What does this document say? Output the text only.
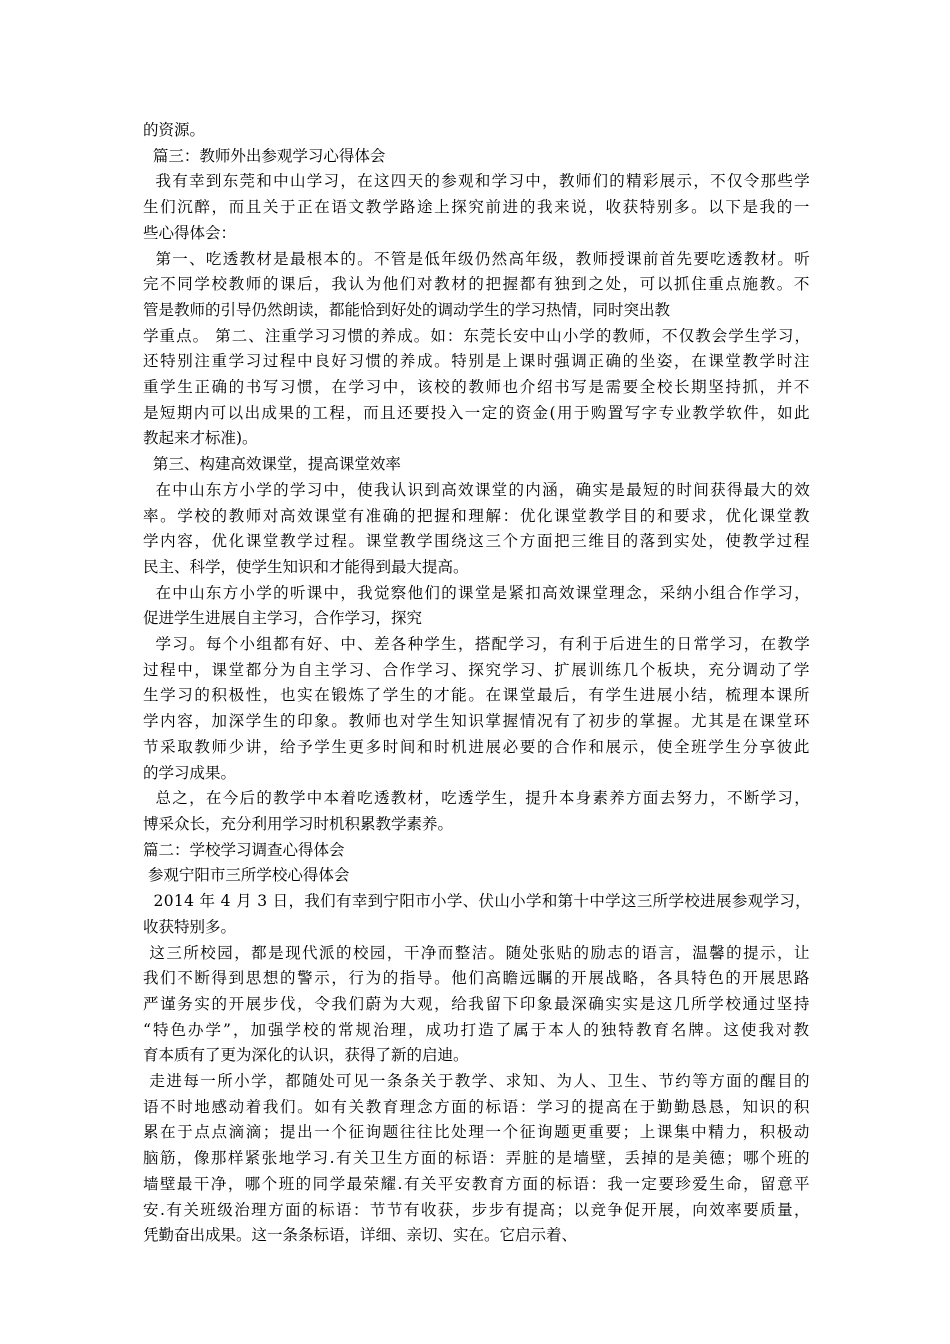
的资源。
篇三：教师外出参观学习心得体会
我有幸到东莞和中山学习，在这四天的参观和学习中，教师们的精彩展示，不仅令那些学
生们沉醉，而且关于正在语文教学路途上探究前进的我来说，收获特别多。以下是我的一
些心得体会：
第一、吃透教材是最根本的。不管是低年级仍然高年级，教师授课前首先要吃透教材。听
完不同学校教师的课后，我认为他们对教材的把握都有独到之处，可以抓住重点施教。不
管是教师的引导仍然朗读，都能恰到好处的调动学生的学习热情，同时突出教
学重点。 第二、注重学习习惯的养成。如：东莞长安中山小学的教师，不仅教会学生学习，
还特别注重学习过程中良好习惯的养成。特别是上课时强调正确的坐姿，在课堂教学时注
重学生正确的书写习惯，在学习中，该校的教师也介绍书写是需要全校长期坚持抓，并不
是短期内可以出成果的工程，而且还要投入一定的资金(用于购置写字专业教学软件，如此
教起来才标准)。
第三、构建高效课堂，提高课堂效率
在中山东方小学的学习中，使我认识到高效课堂的内涵，确实是最短的时间获得最大的效
率。学校的教师对高效课堂有准确的把握和理解：优化课堂教学目的和要求，优化课堂教
学内容，优化课堂教学过程。课堂教学围绕这三个方面把三维目的落到实处，使教学过程
民主、科学，使学生知识和才能得到最大提高。
在中山东方小学的听课中，我觉察他们的课堂是紧扣高效课堂理念，采纳小组合作学习，
促进学生进展自主学习，合作学习，探究
学习。每个小组都有好、中、差各种学生，搭配学习，有利于后进生的日常学习，在教学
过程中，课堂都分为自主学习、合作学习、探究学习、扩展训练几个板块，充分调动了学
生学习的积极性，也实在锻炼了学生的才能。在课堂最后，有学生进展小结，梳理本课所
学内容，加深学生的印象。教师也对学生知识掌握情况有了初步的掌握。尤其是在课堂环
节采取教师少讲，给予学生更多时间和时机进展必要的合作和展示，使全班学生分享彼此
的学习成果。
总之，在今后的教学中本着吃透教材，吃透学生，提升本身素养方面去努力，不断学习，
博采众长，充分利用学习时机积累教学素养。
篇二：学校学习调查心得体会
参观宁阳市三所学校心得体会
2014 年 4 月 3 日，我们有幸到宁阳市小学、伏山小学和第十中学这三所学校进展参观学习，
收获特别多。
这三所校园，都是现代派的校园，干净而整洁。随处张贴的励志的语言，温馨的提示，让
我们不断得到思想的警示，行为的指导。他们高瞻远瞩的开展战略，各具特色的开展思路
严谨务实的开展步伐，令我们蔚为大观，给我留下印象最深确实实是这几所学校通过坚持
“特色办学”，加强学校的常规治理，成功打造了属于本人的独特教育名牌。这使我对教
育本质有了更为深化的认识，获得了新的启迪。
走进每一所小学，都随处可见一条条关于教学、求知、为人、卫生、节约等方面的醒目的
语不时地感动着我们。如有关教育理念方面的标语：学习的提高在于勤勤恳恳，知识的积
累在于点点滴滴；提出一个征询题往往比处理一个征询题更重要；上课集中精力，积极动
脑筋，像那样紧张地学习.有关卫生方面的标语：弄脏的是墙壁，丢掉的是美德；哪个班的
墙壁最干净，哪个班的同学最荣耀.有关平安教育方面的标语：我一定要珍爱生命，留意平
安.有关班级治理方面的标语：节节有收获，步步有提高；以竞争促开展，向效率要质量，
凭勤奋出成果。这一条条标语，详细、亲切、实在。它启示着、
